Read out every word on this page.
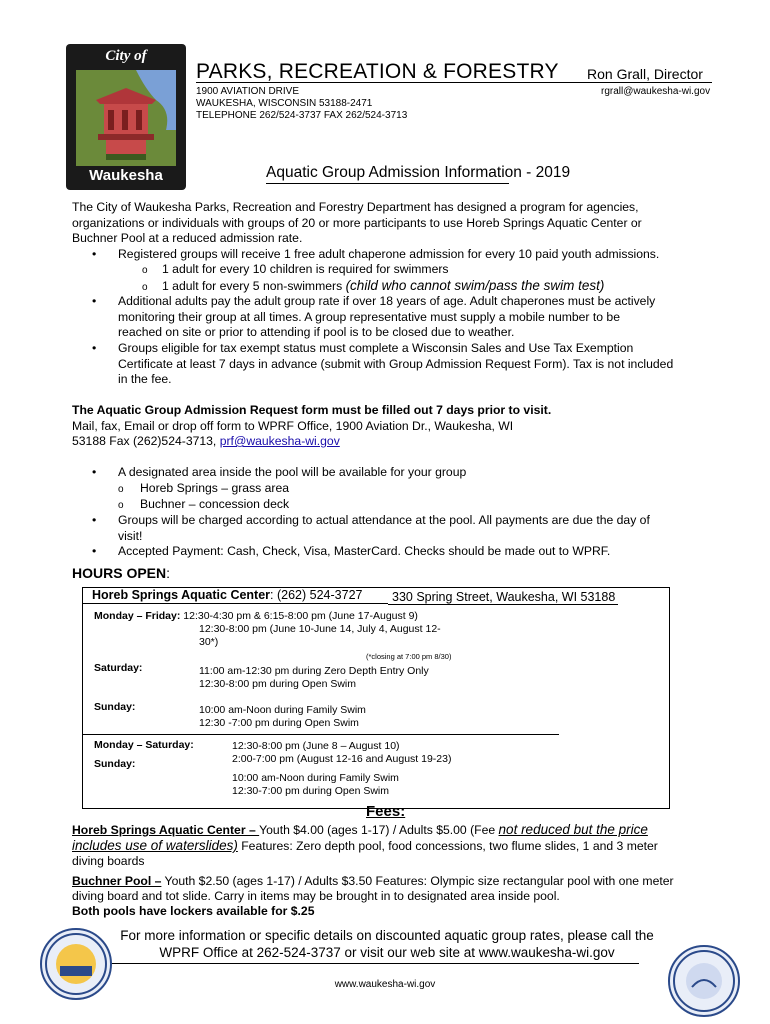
City of
Waukesha
PARKS, RECREATION & FORESTRY Ron Grall, Director
1900 AVIATION DRIVE
WAUKESHA, WISCONSIN 53188-2471
TELEPHONE 262/524-3737 FAX 262/524-3713
rgrall@waukesha-wi.gov
Aquatic Group Admission Information - 2019
The City of Waukesha Parks, Recreation and Forestry Department has designed a program for agencies,
organizations or individuals with groups of 20 or more participants to use Horeb Springs Aquatic Center or
Buchner Pool at a reduced admission rate.
• Registered groups will receive 1 free adult chaperone admission for every 10 paid youth admissions.
o 1 adult for every 10 children is required for swimmers
o 1 adult for every 5 non-swimmers (child who cannot swim/pass the swim test)
• Additional adults pay the adult group rate if over 18 years of age. Adult chaperones must be actively
monitoring their group at all times. A group representative must supply a mobile number to be
reached on site or prior to attending if pool is to be closed due to weather.
• Groups eligible for tax exempt status must complete a Wisconsin Sales and Use Tax Exemption
Certificate at least 7 days in advance (submit with Group Admission Request Form). Tax is not included
in the fee.
The Aquatic Group Admission Request form must be filled out 7 days prior to visit.
Mail, fax, Email or drop off form to WPRF Office, 1900 Aviation Dr., Waukesha, WI
53188 Fax (262)524-3713, prf@waukesha-wi.gov
• A designated area inside the pool will be available for your group
o Horeb Springs – grass area
o Buchner – concession deck
• Groups will be charged according to actual attendance at the pool. All payments are due the day of
visit!
• Accepted Payment: Cash, Check, Visa, MasterCard. Checks should be made out to WPRF.
HOURS OPEN:
Horeb Springs Aquatic Center: (262) 524-3727 330 Spring Street, Waukesha, WI 53188
Monday – Friday: 12:30-4:30 pm & 6:15-8:00 pm (June 17-August 9)
12:30-8:00 pm (June 10-June 14, July 4, August 12-
30*)
(*closing at 7:00 pm 8/30)
Saturday:	11:00 am-12:30 pm during Zero Depth Entry Only
12:30-8:00 pm during Open Swim
Sunday:	10:00 am-Noon during Family Swim
12:30 -7:00 pm during Open Swim
Monday – Saturday:	12:30-8:00 pm (June 8 – August 10)
2:00-7:00 pm (August 12-16 and August 19-23)
Sunday:
10:00 am-Noon during Family Swim
12:30-7:00 pm during Open Swim
Fees:
Horeb Springs Aquatic Center – Youth $4.00 (ages 1-17) / Adults $5.00 (Fee not reduced but the price includes use of waterslides) Features: Zero depth pool, food concessions, two flume slides, 1 and 3 meter diving boards
Buchner Pool – Youth $2.50 (ages 1-17) / Adults $3.50 Features: Olympic size rectangular pool with one meter diving board and tot slide. Carry in items may be brought in to designated area inside pool.
Both pools have lockers available for $.25
For more information or specific details on discounted aquatic group rates, please call the
WPRF Office at 262-524-3737 or visit our web site at www.waukesha-wi.gov
www.waukesha-wi.gov
